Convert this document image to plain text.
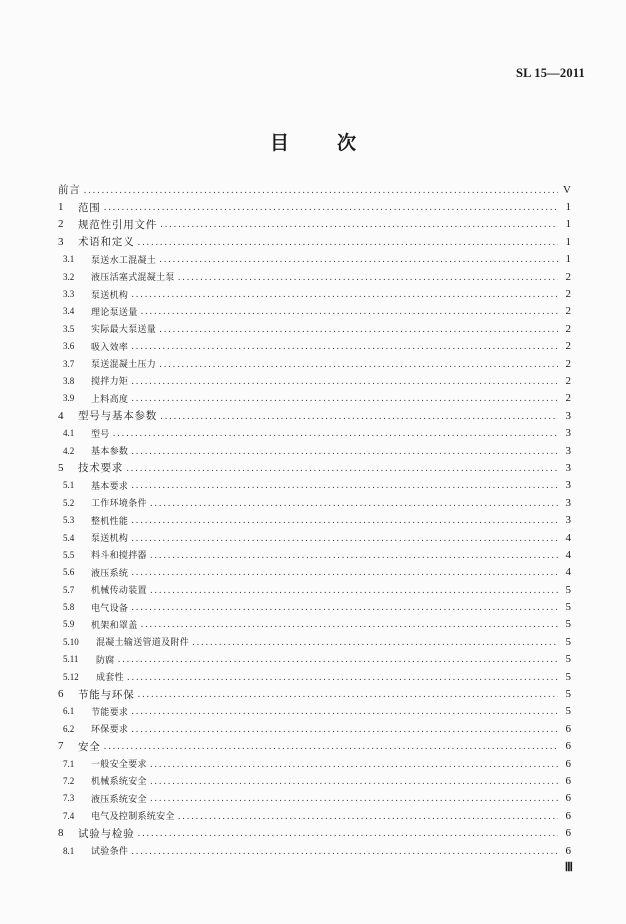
SL 15—2011
目	次
前言 .....	V
1	范围 .....	1
2	规范性引用文件 .....	1
3	术语和定义 .....	1
3.1	泵送水工混凝土 .....	1
3.2	液压活塞式混凝土泵 .....	2
3.3	泵送机构 .....	2
3.4	理论泵送量 .....	2
3.5	实际最大泵送量 .....	2
3.6	吸入效率 .....	2
3.7	泵送混凝土压力 .....	2
3.8	搅拌力矩 .....	2
3.9	上料高度 .....	2
4	型号与基本参数 .....	3
4.1	型号 .....	3
4.2	基本参数 .....	3
5	技术要求 .....	3
5.1	基本要求 .....	3
5.2	工作环境条件 .....	3
5.3	整机性能 .....	3
5.4	泵送机构 .....	4
5.5	料斗和搅拌器 .....	4
5.6	液压系统 .....	4
5.7	机械传动装置 .....	5
5.8	电气设备 .....	5
5.9	机架和罩盖 .....	5
5.10	混凝土输送管道及附件 .....	5
5.11	防腐 .....	5
5.12	成套性 .....	5
6	节能与环保 .....	5
6.1	节能要求 .....	5
6.2	环保要求 .....	6
7	安全 .....	6
7.1	一般安全要求 .....	6
7.2	机械系统安全 .....	6
7.3	液压系统安全 .....	6
7.4	电气及控制系统安全 .....	6
8	试验与检验 .....	6
8.1	试验条件 .....	6
Ⅲ
